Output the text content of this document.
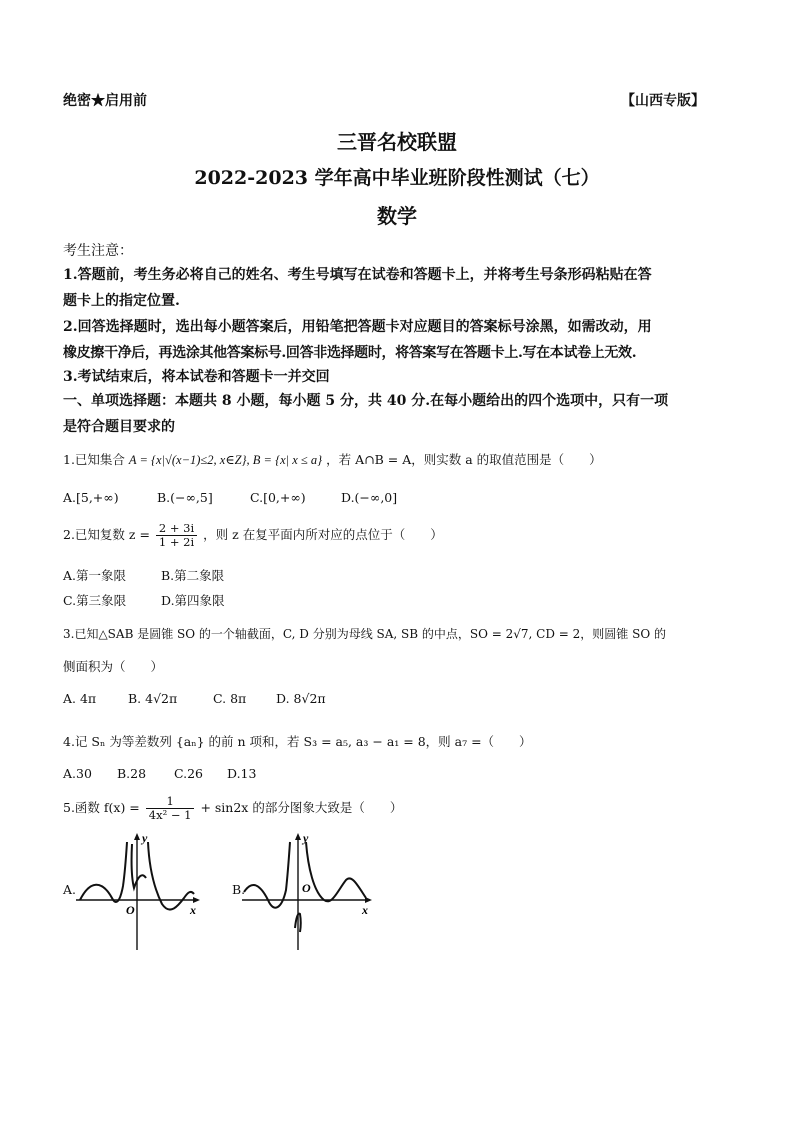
绝密★启用前	【山西专版】
三晋名校联盟
2022-2023 学年高中毕业班阶段性测试（七）
数学
考生注意：
1.答题前，考生务必将自己的姓名、考生号填写在试卷和答题卡上，并将考生号条形码粘贴在答
题卡上的指定位置.
2.回答选择题时，选出每小题答案后，用铅笔把答题卡对应题目的答案标号涂黑，如需改动，用
橡皮擦干净后，再选涂其他答案标号.回答非选择题时，将答案写在答题卡上.写在本试卷上无效.
3.考试结束后，将本试卷和答题卡一并交回
一、单项选择题：本题共 8 小题，每小题 5 分，共 40 分.在每小题给出的四个选项中，只有一项
是符合题目要求的
1.已知集合 A = {x|√(x−1)≤2, x∈Z}, B = {x| x ≤ a} ，若 A∩B = A，则实数 a 的取值范围是（　　）
A.[5,+∞)	B.(−∞,5]	C.[0,+∞)	D.(−∞,0]
2.已知复数 $z = \frac{2 + 3i}{1 + 2i}$ ，则 z 在复平面内所对应的点位于（　　）
A.第一象限	B.第二象限
C.第三象限	D.第四象限
3.已知△SAB 是圆锥 SO 的一个轴截面，C, D 分别为母线 SA, SB 的中点，SO = 2√7, CD = 2，则圆锥 SO 的
侧面积为（　　）
A. 4π	B. 4√2π	C. 8π D. 8√2π
4.记 Sₙ 为等差数列 {aₙ} 的前 n 项和，若 S₃ = a₅, a₃ − a₁ = 8，则 a₇ =（　　）
A.30 B.28 C.26 D.13
5.函数 $f(x) = \frac{1}{\text{4x² − 1}} + \sin 2x$ 的部分图象大致是（　　）
A.
y
x
O
B.
y
x
O
